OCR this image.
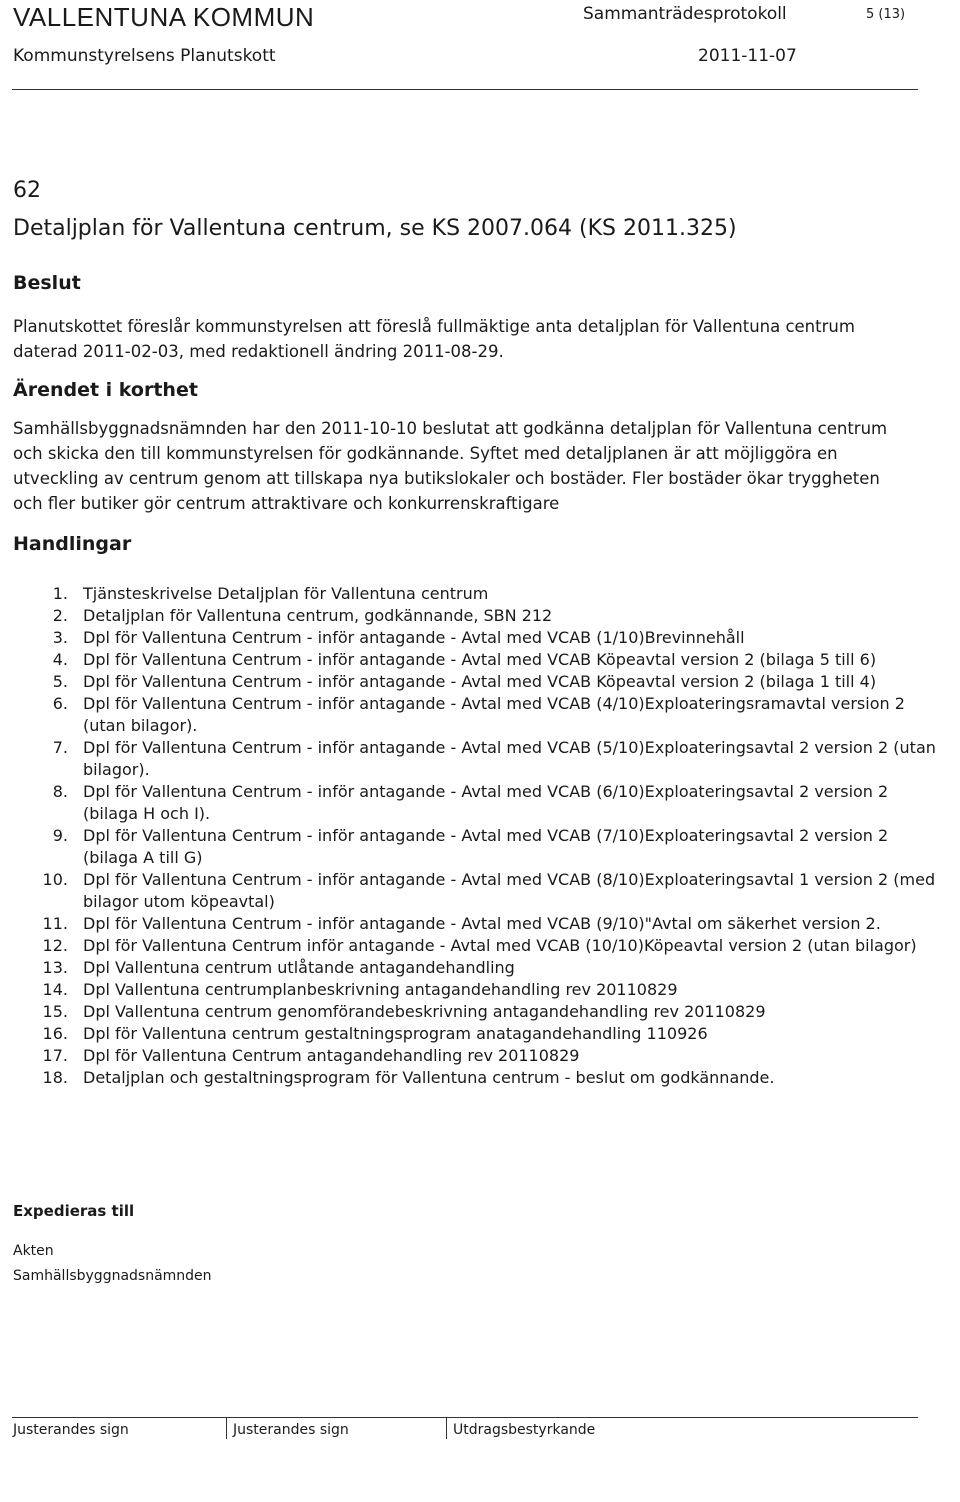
VALLENTUNA KOMMUN	Sammanträdesprotokoll	5 (13)
Kommunstyrelsens Planutskott	2011-11-07
62
Detaljplan för Vallentuna centrum, se KS 2007.064 (KS 2011.325)
Beslut
Planutskottet föreslår kommunstyrelsen att föreslå fullmäktige anta detaljplan för Vallentuna centrum daterad 2011-02-03, med redaktionell ändring 2011-08-29.
Ärendet i korthet
Samhällsbyggnadsnämnden har den 2011-10-10 beslutat att godkänna detaljplan för Vallentuna centrum och skicka den till kommunstyrelsen för godkännande. Syftet med detaljplanen är att möjliggöra en utveckling av centrum genom att tillskapa nya butikslokaler och bostäder. Fler bostäder ökar tryggheten och fler butiker gör centrum attraktivare och konkurrenskraftigare
Handlingar
1. Tjänsteskrivelse Detaljplan för Vallentuna centrum
2. Detaljplan för Vallentuna centrum, godkännande, SBN 212
3. Dpl för Vallentuna Centrum - inför antagande - Avtal med VCAB (1/10)Brevinnehåll
4. Dpl för Vallentuna Centrum - inför antagande - Avtal med VCAB Köpeavtal version 2 (bilaga 5 till 6)
5. Dpl för Vallentuna Centrum - inför antagande - Avtal med VCAB Köpeavtal version 2 (bilaga 1 till 4)
6. Dpl för Vallentuna Centrum - inför antagande - Avtal med VCAB (4/10)Exploateringsramavtal version 2 (utan bilagor).
7. Dpl för Vallentuna Centrum - inför antagande - Avtal med VCAB (5/10)Exploateringsavtal 2 version 2 (utan bilagor).
8. Dpl för Vallentuna Centrum - inför antagande - Avtal med VCAB (6/10)Exploateringsavtal 2 version 2 (bilaga H och I).
9. Dpl för Vallentuna Centrum - inför antagande - Avtal med VCAB (7/10)Exploateringsavtal 2 version 2 (bilaga A till G)
10. Dpl för Vallentuna Centrum - inför antagande - Avtal med VCAB (8/10)Exploateringsavtal 1 version 2 (med bilagor utom köpeavtal)
11. Dpl för Vallentuna Centrum - inför antagande - Avtal med VCAB (9/10)"Avtal om säkerhet version 2.
12. Dpl för Vallentuna Centrum inför antagande - Avtal med VCAB (10/10)Köpeavtal version 2 (utan bilagor)
13. Dpl Vallentuna centrum utlåtande antagandehandling
14. Dpl Vallentuna centrumplanbeskrivning antagandehandling rev 20110829
15. Dpl Vallentuna centrum genomförandebeskrivning antagandehandling rev 20110829
16. Dpl för Vallentuna centrum gestaltningsprogram anatagandehandling 110926
17. Dpl för Vallentuna Centrum antagandehandling rev 20110829
18. Detaljplan och gestaltningsprogram för Vallentuna centrum - beslut om godkännande.
Expedieras till
Akten
Samhällsbyggnadsnämnden
Justerandes sign	Justerandes sign	Utdragsbestyrkande
